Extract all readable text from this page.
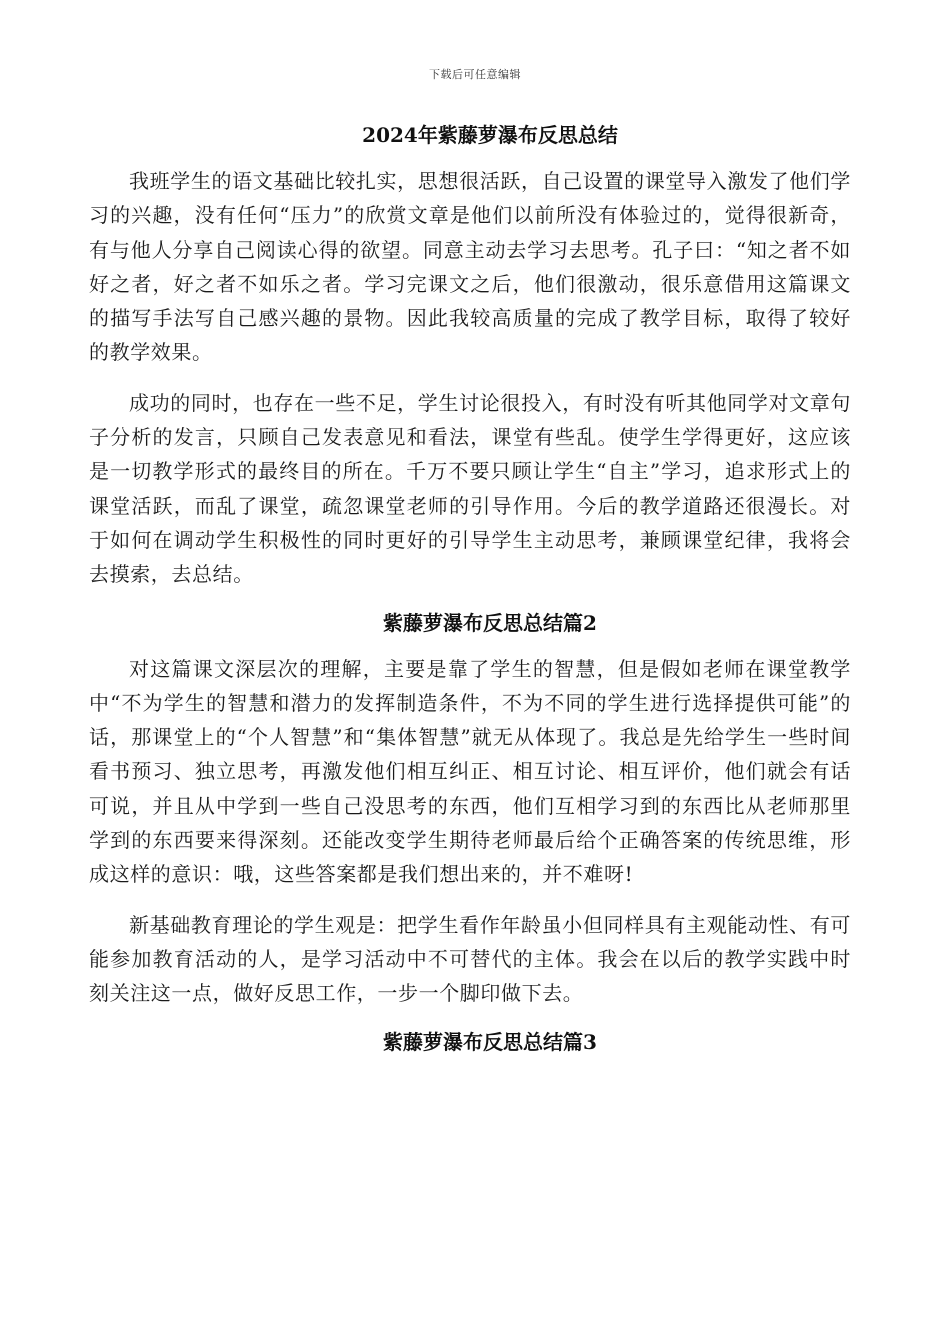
下载后可任意编辑
2024年紫藤萝瀑布反思总结

我班学生的语文基础比较扎实，思想很活跃，自己设置的课堂导入激发了他们学习的兴趣，没有任何“压力”的欣赏文章是他们以前所没有体验过的，觉得很新奇，有与他人分享自己阅读心得的欲望。同意主动去学习去思考。孔子曰：“知之者不如好之者，好之者不如乐之者。学习完课文之后，他们很激动，很乐意借用这篇课文的描写手法写自己感兴趣的景物。因此我较高质量的完成了教学目标，取得了较好的教学效果。

成功的同时，也存在一些不足，学生讨论很投入，有时没有听其他同学对文章句子分析的发言，只顾自己发表意见和看法，课堂有些乱。使学生学得更好，这应该是一切教学形式的最终目的所在。千万不要只顾让学生“自主”学习，追求形式上的课堂活跃，而乱了课堂，疏忽课堂老师的引导作用。今后的教学道路还很漫长。对于如何在调动学生积极性的同时更好的引导学生主动思考，兼顾课堂纪律，我将会去摸索，去总结。

紫藤萝瀑布反思总结篇2

对这篇课文深层次的理解，主要是靠了学生的智慧，但是假如老师在课堂教学中“不为学生的智慧和潜力的发挥制造条件，不为不同的学生进行选择提供可能”的话，那课堂上的“个人智慧”和“集体智慧”就无从体现了。我总是先给学生一些时间看书预习、独立思考，再激发他们相互纠正、相互讨论、相互评价，他们就会有话可说，并且从中学到一些自己没思考的东西，他们互相学习到的东西比从老师那里学到的东西要来得深刻。还能改变学生期待老师最后给个正确答案的传统思维，形成这样的意识：哦，这些答案都是我们想出来的，并不难呀!

新基础教育理论的学生观是：把学生看作年龄虽小但同样具有主观能动性、有可能参加教育活动的人，是学习活动中不可替代的主体。我会在以后的教学实践中时刻关注这一点，做好反思工作，一步一个脚印做下去。

紫藤萝瀑布反思总结篇3
